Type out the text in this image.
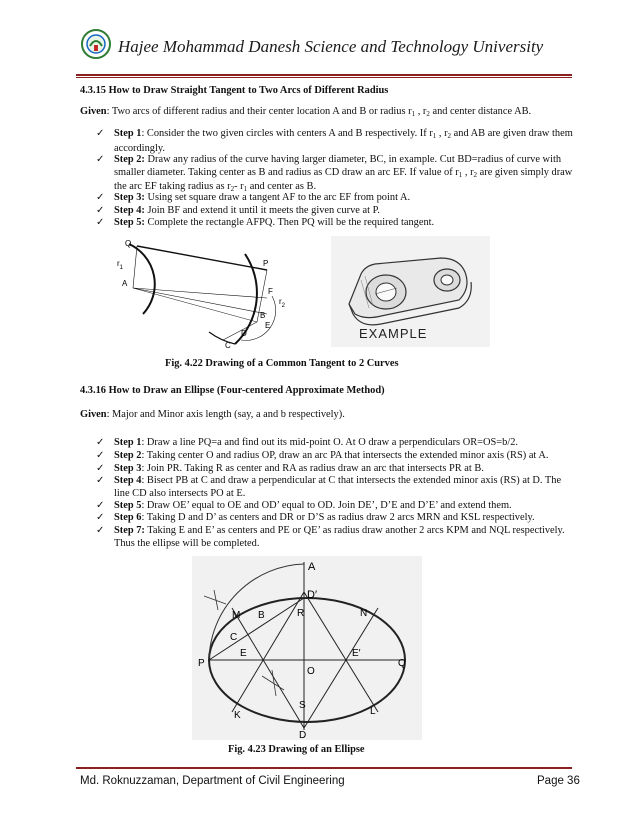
Hajee Mohammad Danesh Science and Technology University
4.3.15 How to Draw Straight Tangent to Two Arcs of Different Radius
Given: Two arcs of different radius and their center location A and B or radius $r_1$ , $r_2$ and center distance AB.
✓ Step 1: Consider the two given circles with centers A and B respectively. If $r_1$ , $r_2$ and AB are given draw them accordingly.
✓ Step 2: Draw any radius of the curve having larger diameter, BC, in example. Cut BD=radius of curve with smaller diameter. Taking center as B and radius as CD draw an arc EF. If value of $r_1$ , $r_2$ are given simply draw the arc EF taking radius as $r_2-$ $r_1$ and center as B.
✓ Step 3: Using set square draw a tangent AF to the arc EF from point A.
✓ Step 4: Join BF and extend it until it meets the given curve at P.
✓ Step 5: Complete the rectangle AFPQ. Then PQ will be the required tangent.
Q
$r_1$
A
P
F
$r_2$
B
E
D
C
EXAMPLE
Fig. 4.22 Drawing of a Common Tangent to 2 Curves
4.3.16 How to Draw an Ellipse (Four-centered Approximate Method)
Given: Major and Minor axis length (say, a and b respectively).
✓ Step 1: Draw a line PQ=a and find out its mid-point O. At O draw a perpendiculars OR=OS=b/2.
✓ Step 2: Taking center O and radius OP, draw an arc PA that intersects the extended minor axis (RS) at A.
✓ Step 3: Join PR. Taking R as center and RA as radius draw an arc that intersects PR at B.
✓ Step 4: Bisect PB at C and draw a perpendicular at C that intersects the extended minor axis (RS) at D. The line CD also intersects PO at E.
✓ Step 5: Draw OE’ equal to OE and OD’ equal to OD. Join DE’, D’E and D’E’ and extend them.
✓ Step 6: Taking D and D’ as centers and DR or D’S as radius draw 2 arcs MRN and KSL respectively.
✓ Step 7: Taking E and E’ as centers and PE or QE’ as radius draw another 2 arcs KPM and NQL respectively. Thus the ellipse will be completed.
A
D′
R
M B	N
C
E	E′
P
O
Q
K
S
L
D
Fig. 4.23 Drawing of an Ellipse
Md. Roknuzzaman, Department of Civil Engineering	Page 36
